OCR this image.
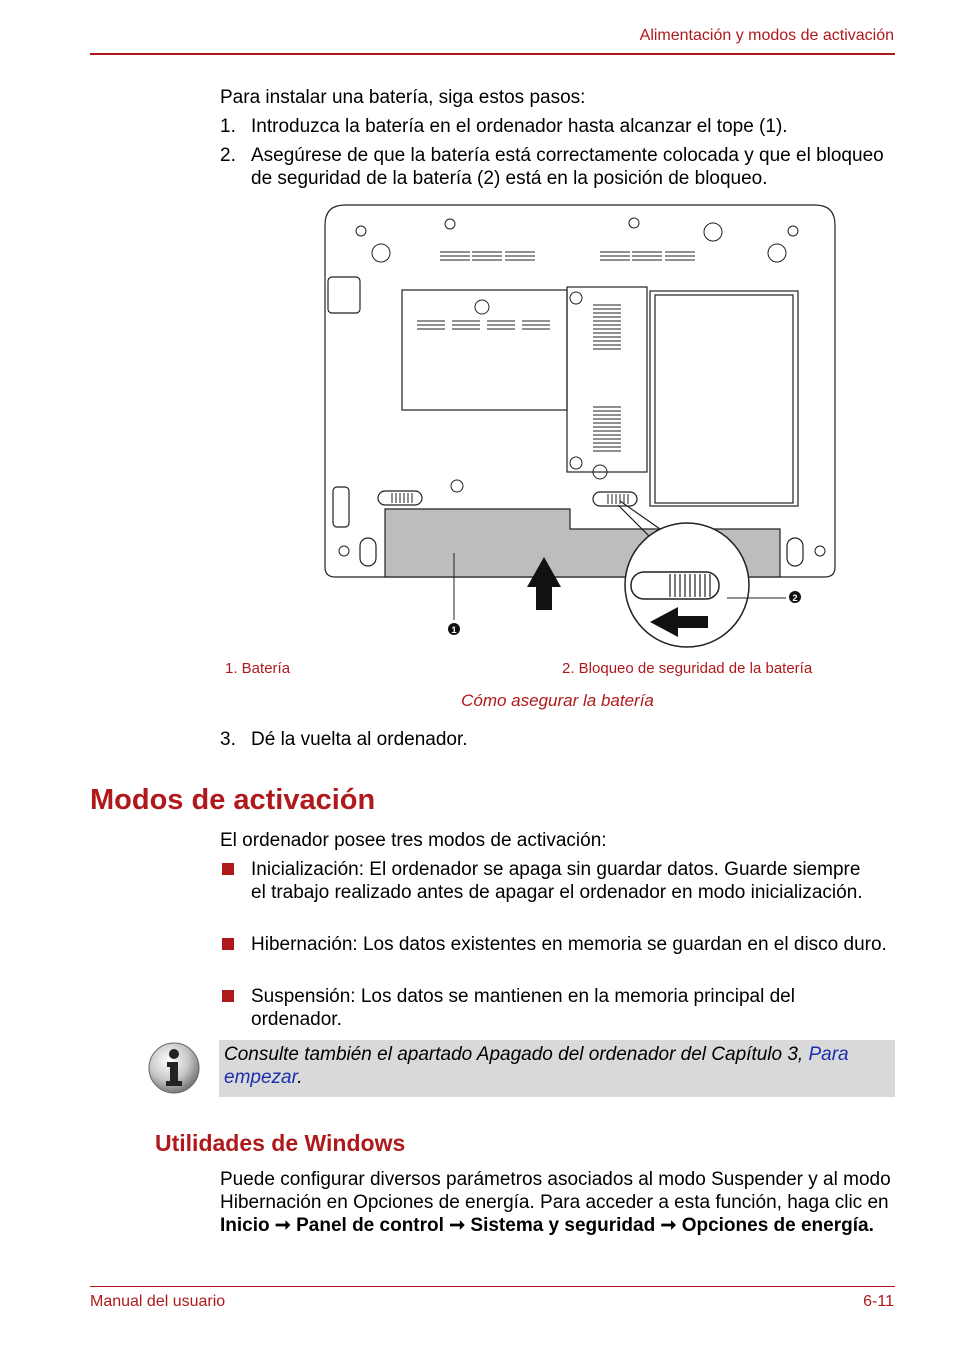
Alimentación y modos de activación
Para instalar una batería, siga estos pasos:
1. Introduzca la batería en el ordenador hasta alcanzar el tope (1).
2. Asegúrese de que la batería está correctamente colocada y que el bloqueo de seguridad de la batería (2) está en la posición de bloqueo.
1
2
1. Batería	2. Bloqueo de seguridad de la batería
Cómo asegurar la batería
3. Dé la vuelta al ordenador.
Modos de activación
El ordenador posee tres modos de activación:
Inicialización: El ordenador se apaga sin guardar datos. Guarde siempre el trabajo realizado antes de apagar el ordenador en modo inicialización.
Hibernación: Los datos existentes en memoria se guardan en el disco duro.
Suspensión: Los datos se mantienen en la memoria principal del ordenador.
Consulte también el apartado Apagado del ordenador del Capítulo 3, Para empezar.
Utilidades de Windows
Puede configurar diversos parámetros asociados al modo Suspender y al modo Hibernación en Opciones de energía. Para acceder a esta función, haga clic en Inicio ➞ Panel de control ➞ Sistema y seguridad ➞ Opciones de energía.
Manual del usuario	6-11
